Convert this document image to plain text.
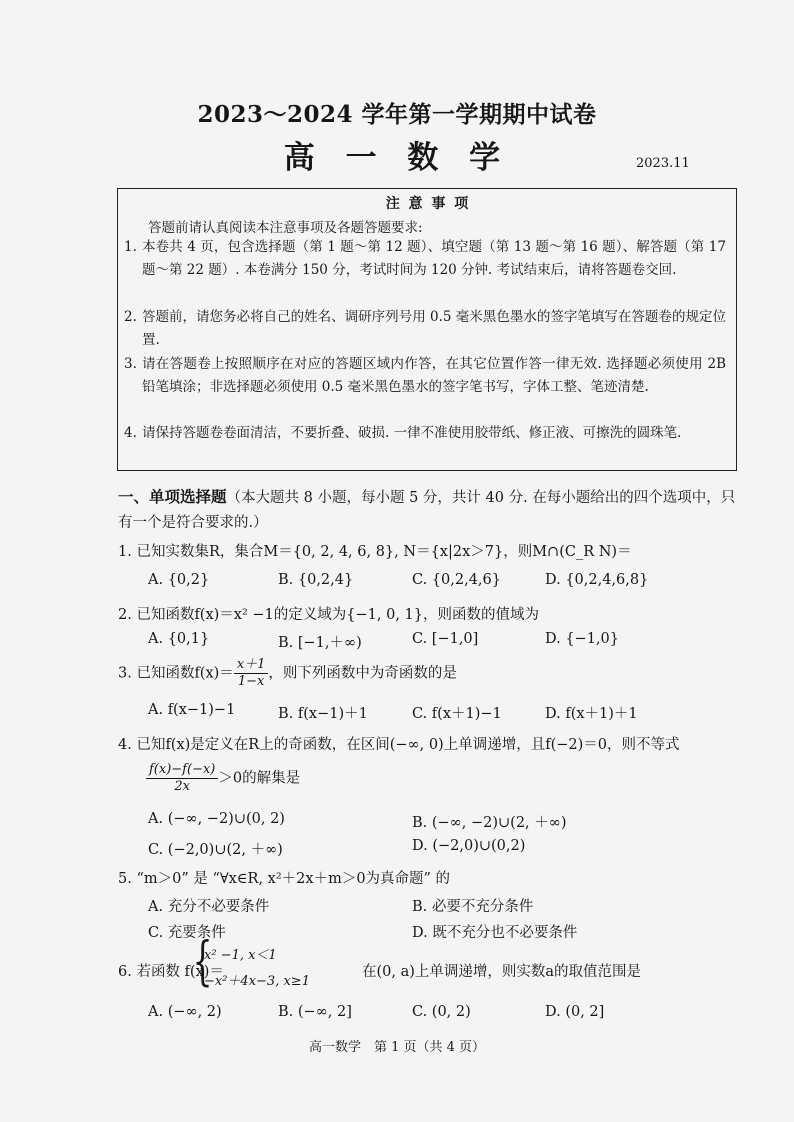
2023～2024 学年第一学期期中试卷
高 一 数 学	2023.11
注 意 事 项
答题前请认真阅读本注意事项及各题答题要求:
1. 本卷共 4 页，包含选择题（第 1 题～第 12 题）、填空题（第 13 题～第 16 题）、解答题（第 17 题～第 22 题）. 本卷满分 150 分，考试时间为 120 分钟. 考试结束后，请将答题卷交回.
2. 答题前，请您务必将自己的姓名、调研序列号用 0.5 毫米黑色墨水的签字笔填写在答题卷的规定位置.
3. 请在答题卷上按照顺序在对应的答题区域内作答，在其它位置作答一律无效. 选择题必须使用 2B 铅笔填涂；非选择题必须使用 0.5 毫米黑色墨水的签字笔书写，字体工整、笔迹清楚.
4. 请保持答题卷卷面清洁，不要折叠、破损. 一律不准使用胶带纸、修正液、可擦洗的圆珠笔.
一、单项选择题（本大题共 8 小题，每小题 5 分，共计 40 分. 在每小题给出的四个选项中，只有一个是符合要求的.）
1. 已知实数集R，集合M＝{0, 2, 4, 6, 8}, N＝{x|2x＞7}，则M∩(C_R N)＝
A. {0,2}	B. {0,2,4}	C. {0,2,4,6}	D. {0,2,4,6,8}
2. 已知函数f(x)＝x² −1的定义域为{−1, 0, 1}，则函数的值域为
A. {0,1}	B. [−1,＋∞)	C. [−1,0]	D. {−1,0}
3. 已知函数$f(x)= \frac{x+1}{1-x}$ ，则下列函数中为奇函数的是
A. f(x−1)−1	B. f(x−1)＋1	C. f(x＋1)−1	D. f(x＋1)＋1
4. 已知f(x)是定义在R上的奇函数，在区间(−∞, 0)上单调递增，且f(−2)＝0，则不等式
$\frac{f(x)-f(-x)}{2x} >0$的解集是
A. (−∞, −2)∪(0, 2)	B. (−∞, −2)∪(2, ＋∞)
C. (−2,0)∪(2, ＋∞)	D. (−2,0)∪(0,2)
5. “m＞0” 是 “∀x∈R, x²＋2x＋m＞0为真命题” 的
A. 充分不必要条件	B. 必要不充分条件
C. 充要条件	D. 既不充分也不必要条件
6. 若函数 f(x)＝
{
x² −1, x＜1
−x²＋4x−3, x≥1
在(0, a)上单调递增，则实数a的取值范围是
A. (−∞, 2)	B. (−∞, 2]	C. (0, 2)	D. (0, 2]
高一数学　第 1 页（共 4 页）
